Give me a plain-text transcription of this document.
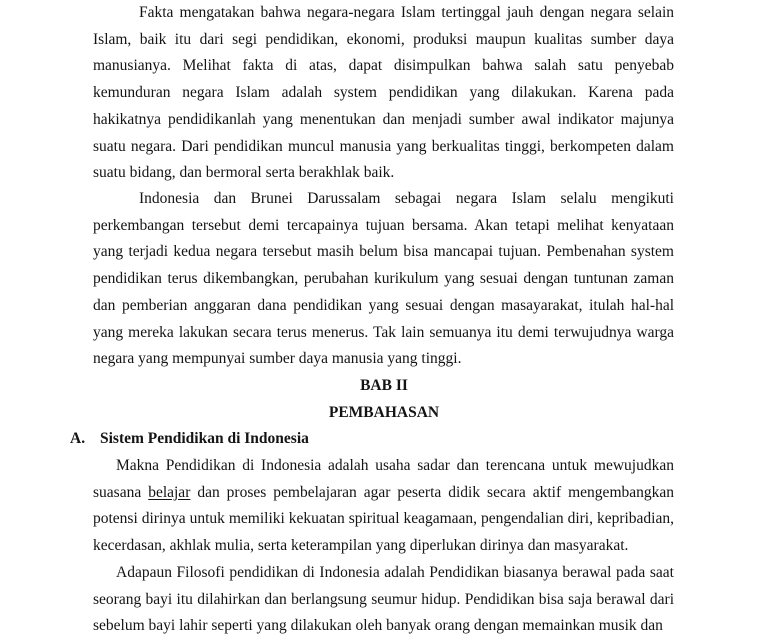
Fakta mengatakan bahwa negara-negara Islam tertinggal jauh dengan negara selain Islam, baik itu dari segi pendidikan, ekonomi, produksi maupun kualitas sumber daya manusianya. Melihat fakta di atas, dapat disimpulkan bahwa salah satu penyebab kemunduran negara Islam adalah system pendidikan yang dilakukan. Karena pada hakikatnya pendidikanlah yang menentukan dan menjadi sumber awal indikator majunya suatu negara. Dari pendidikan muncul manusia yang berkualitas tinggi, berkompeten dalam suatu bidang, dan bermoral serta berakhlak baik.

Indonesia dan Brunei Darussalam sebagai negara Islam selalu mengikuti perkembangan tersebut demi tercapainya tujuan bersama. Akan tetapi melihat kenyataan yang terjadi kedua negara tersebut masih belum bisa mancapai tujuan. Pembenahan system pendidikan terus dikembangkan, perubahan kurikulum yang sesuai dengan tuntunan zaman dan pemberian anggaran dana pendidikan yang sesuai dengan masayarakat, itulah hal-hal yang mereka lakukan secara terus menerus. Tak lain semuanya itu demi terwujudnya warga negara yang mempunyai sumber daya manusia yang tinggi.

BAB II
PEMBAHASAN
A. Sistem Pendidikan di Indonesia

Makna Pendidikan di Indonesia adalah usaha sadar dan terencana untuk mewujudkan suasana belajar dan proses pembelajaran agar peserta didik secara aktif mengembangkan potensi dirinya untuk memiliki kekuatan spiritual keagamaan, pengendalian diri, kepribadian, kecerdasan, akhlak mulia, serta keterampilan yang diperlukan dirinya dan masyarakat.

Adapaun Filosofi pendidikan di Indonesia adalah Pendidikan biasanya berawal pada saat seorang bayi itu dilahirkan dan berlangsung seumur hidup. Pendidikan bisa saja berawal dari sebelum bayi lahir seperti yang dilakukan oleh banyak orang dengan memainkan musik dan
